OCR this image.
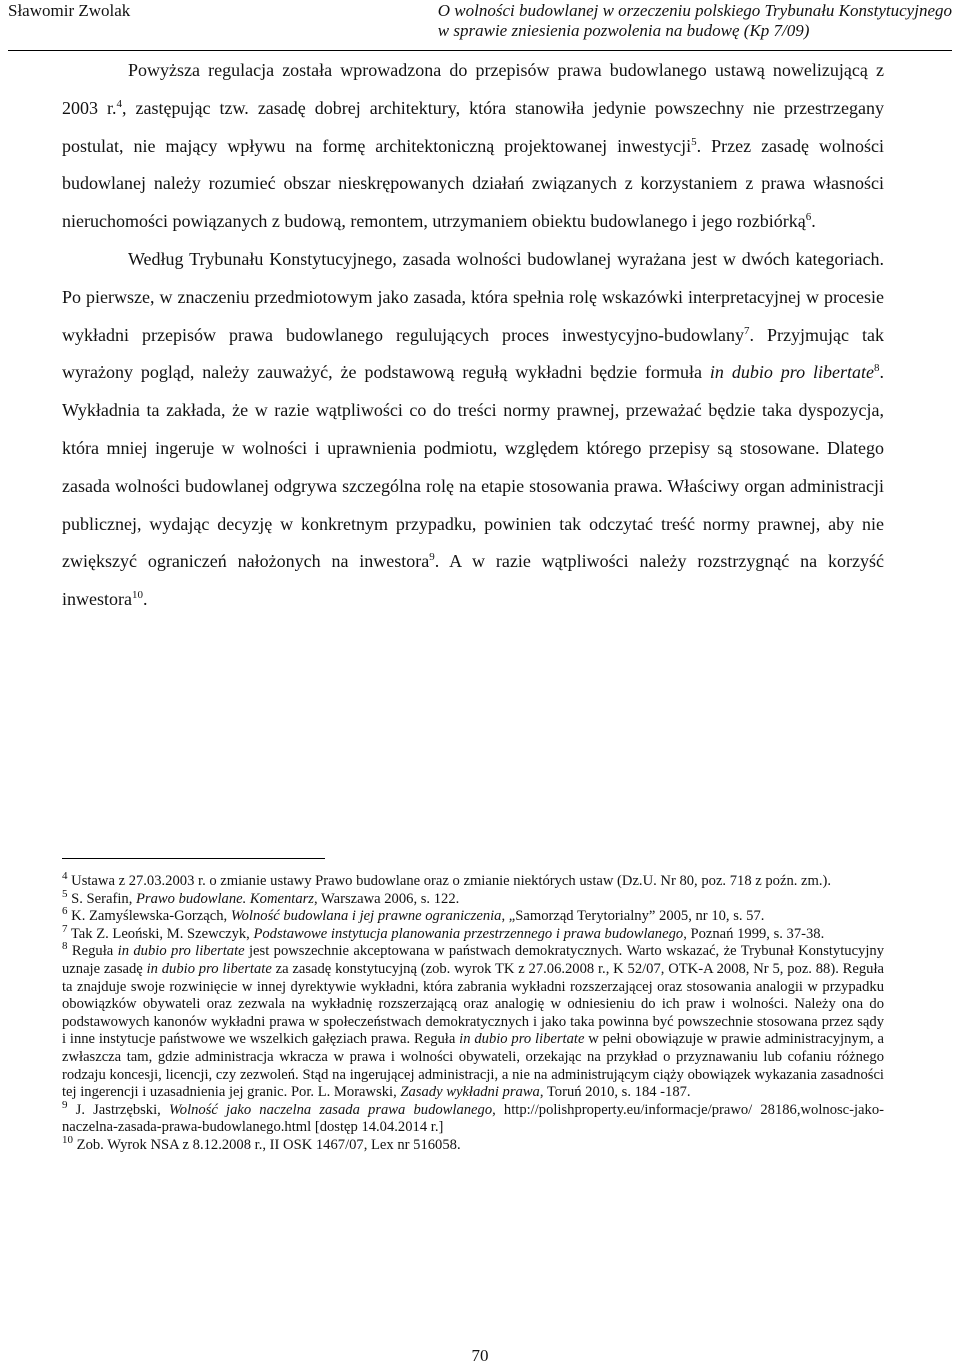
Sławomir Zwolak	O wolności budowlanej w orzeczeniu polskiego Trybunału Konstytucyjnego
w sprawie zniesienia pozwolenia na budowę (Kp 7/09)

Powyższa regulacja została wprowadzona do przepisów prawa budowlanego ustawą nowelizującą z 2003 r.$^4$, zastępując tzw. zasadę dobrej architektury, która stanowiła jedynie powszechny nie przestrzegany postulat, nie mający wpływu na formę architektoniczną projektowanej inwestycji$^5$. Przez zasadę wolności budowlanej należy rozumieć obszar nieskrępowanych działań związanych z korzystaniem z prawa własności nieruchomości powiązanych z budową, remontem, utrzymaniem obiektu budowlanego i jego rozbiórką$^6$.

Według Trybunału Konstytucyjnego, zasada wolności budowlanej wyrażana jest w dwóch kategoriach. Po pierwsze, w znaczeniu przedmiotowym jako zasada, która spełnia rolę wskazówki interpretacyjnej w procesie wykładni przepisów prawa budowlanego regulujących proces inwestycyjno-budowlany$^7$. Przyjmując tak wyrażony pogląd, należy zauważyć, że podstawową regułą wykładni będzie formuła in dubio pro libertate$^8$. Wykładnia ta zakłada, że w razie wątpliwości co do treści normy prawnej, przeważać będzie taka dyspozycja, która mniej ingeruje w wolności i uprawnienia podmiotu, względem którego przepisy są stosowane. Dlatego zasada wolności budowlanej odgrywa szczególna rolę na etapie stosowania prawa. Właściwy organ administracji publicznej, wydając decyzję w konkretnym przypadku, powinien tak odczytać treść normy prawnej, aby nie zwiększyć ograniczeń nałożonych na inwestora$^9$. A w razie wątpliwości należy rozstrzygnąć na korzyść inwestora$^{10}$.

$^4$ Ustawa z 27.03.2003 r. o zmianie ustawy Prawo budowlane oraz o zmianie niektórych ustaw (Dz.U. Nr 80, poz. 718 z poźn. zm.).

$^5$ S. Serafin, Prawo budowlane. Komentarz, Warszawa 2006, s. 122.

$^6$ K. Zamyślewska-Gorząch, Wolność budowlana i jej prawne ograniczenia, „Samorząd Terytorialny” 2005, nr 10, s. 57.

$^7$ Tak Z. Leoński, M. Szewczyk, Podstawowe instytucja planowania przestrzennego i prawa budowlanego, Poznań 1999, s. 37-38.

$^8$ Reguła in dubio pro libertate jest powszechnie akceptowana w państwach demokratycznych. Warto wskazać, że Trybunał Konstytucyjny uznaje zasadę in dubio pro libertate za zasadę konstytucyjną (zob. wyrok TK z 27.06.2008 r., K 52/07, OTK-A 2008, Nr 5, poz. 88). Reguła ta znajduje swoje rozwinięcie w innej dyrektywie wykładni, która zabrania wykładni rozszerzającej oraz stosowania analogii w przypadku obowiązków obywateli oraz zezwala na wykładnię rozszerzającą oraz analogię w odniesieniu do ich praw i wolności. Należy ona do podstawowych kanonów wykładni prawa w społeczeństwach demokratycznych i jako taka powinna być powszechnie stosowana przez sądy i inne instytucje państwowe we wszelkich gałęziach prawa. Reguła in dubio pro libertate w pełni obowiązuje w prawie administracyjnym, a zwłaszcza tam, gdzie administracja wkracza w prawa i wolności obywateli, orzekając na przykład o przyznawaniu lub cofaniu różnego rodzaju koncesji, licencji, czy zezwoleń. Stąd na ingerującej administracji, a nie na administrującym ciąży obowiązek wykazania zasadności tej ingerencji i uzasadnienia jej granic. Por. L. Morawski, Zasady wykładni prawa, Toruń 2010, s. 184 -187.

$^9$ J. Jastrzębski, Wolność jako naczelna zasada prawa budowlanego, http://polishproperty.eu/informacje/prawo/ 28186,wolnosc-jako-naczelna-zasada-prawa-budowlanego.html [dostęp 14.04.2014 r.]

$^{10}$ Zob. Wyrok NSA z 8.12.2008 r., II OSK 1467/07, Lex nr 516058.

70
